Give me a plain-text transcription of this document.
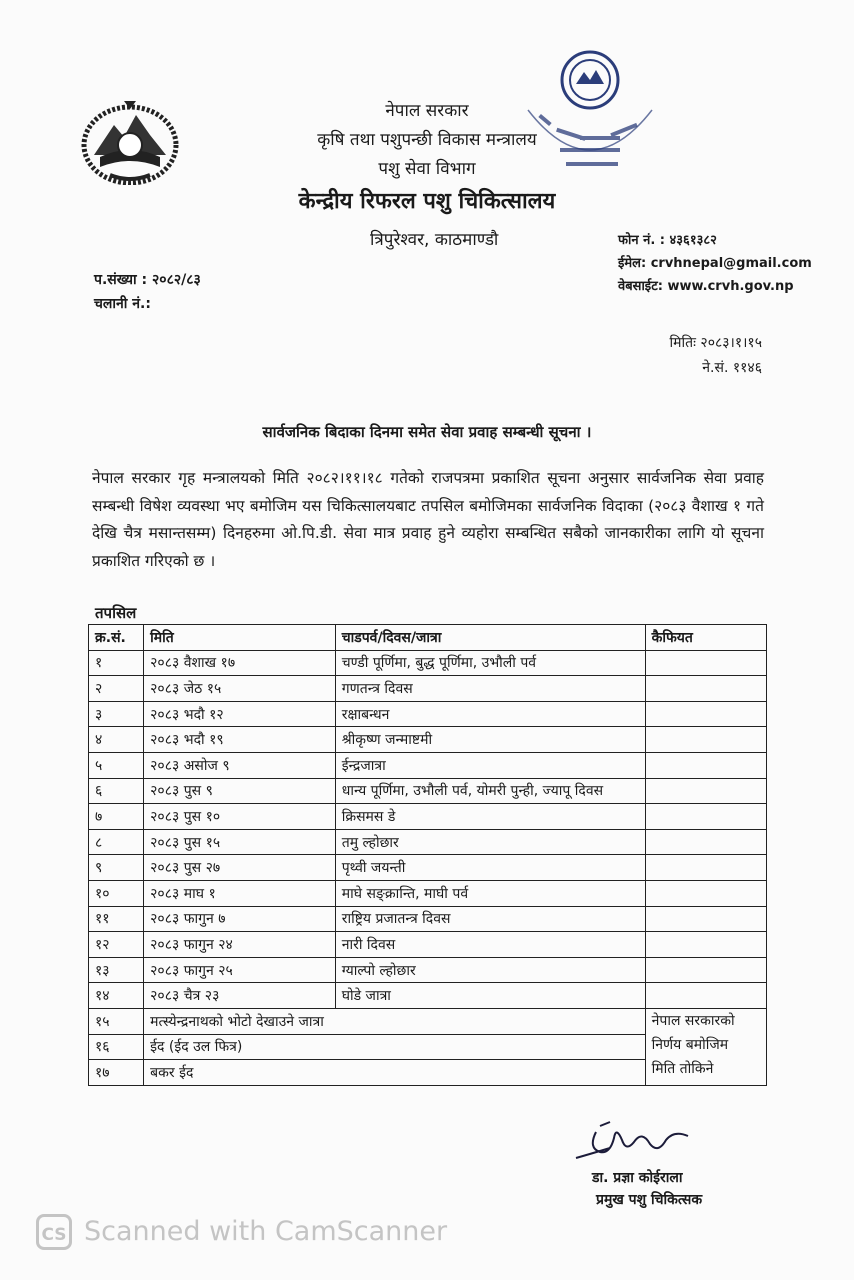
नेपाल सरकार
कृषि तथा पशुपन्छी विकास मन्त्रालय
पशु सेवा विभाग
केन्द्रीय रिफरल पशु चिकित्सालय
त्रिपुरेश्वर, काठमाण्डौ	फोन नं. : ४३६१३८२
ईमेल: crvhnepal@gmail.com
वेबसाईट: www.crvh.gov.np
प.संख्या : २०८२/८३
चलानी नं.:
मितिः २०८३।१।१५
ने.सं. ११४६
सार्वजनिक बिदाका दिनमा समेत सेवा प्रवाह सम्बन्धी सूचना ।
नेपाल सरकार गृह मन्त्रालयको मिति २०८२।११।१८ गतेको राजपत्रमा प्रकाशित सूचना अनुसार सार्वजनिक सेवा प्रवाह सम्बन्धी विषेश व्यवस्था भए बमोजिम यस चिकित्सालयबाट तपसिल बमोजिमका सार्वजनिक विदाका (२०८३ वैशाख १ गते देखि चैत्र मसान्तसम्म) दिनहरुमा ओ.पि.डी. सेवा मात्र प्रवाह हुने व्यहोरा सम्बन्धित सबैको जानकारीका लागि यो सूचना प्रकाशित गरिएको छ ।
तपसिल
क्र.सं.	मिति	चाडपर्व/दिवस/जात्रा	कैफियत
१	२०८३ वैशाख १७	चण्डी पूर्णिमा, बुद्ध पूर्णिमा, उभौली पर्व	
२	२०८३ जेठ १५	गणतन्त्र दिवस	
३	२०८३ भदौ १२	रक्षाबन्धन	
४	२०८३ भदौ १९	श्रीकृष्ण जन्माष्टमी	
५	२०८३ असोज ९	ईन्द्रजात्रा	
६	२०८३ पुस ९	धान्य पूर्णिमा, उभौली पर्व, योमरी पुन्ही, ज्यापू दिवस	
७	२०८३ पुस १०	क्रिसमस डे	
८	२०८३ पुस १५	तमु ल्होछार	
९	२०८३ पुस २७	पृथ्वी जयन्ती	
१०	२०८३ माघ १	माघे सङ्क्रान्ति, माघी पर्व	
११	२०८३ फागुन ७	राष्ट्रिय प्रजातन्त्र दिवस	
१२	२०८३ फागुन २४	नारी दिवस	
१३	२०८३ फागुन २५	ग्याल्पो ल्होछार	
१४	२०८३ चैत्र २३	घोडे जात्रा	
१५	मत्स्येन्द्रनाथको भोटो देखाउने जात्रा		नेपाल सरकारको
निर्णय बमोजिम
मिति तोकिने

१६	ईद (ईद उल फित्र)		
१७	बकर ईद		
डा. प्रज्ञा कोईराला
प्रमुख पशु चिकित्सक
CS Scanned with CamScanner
